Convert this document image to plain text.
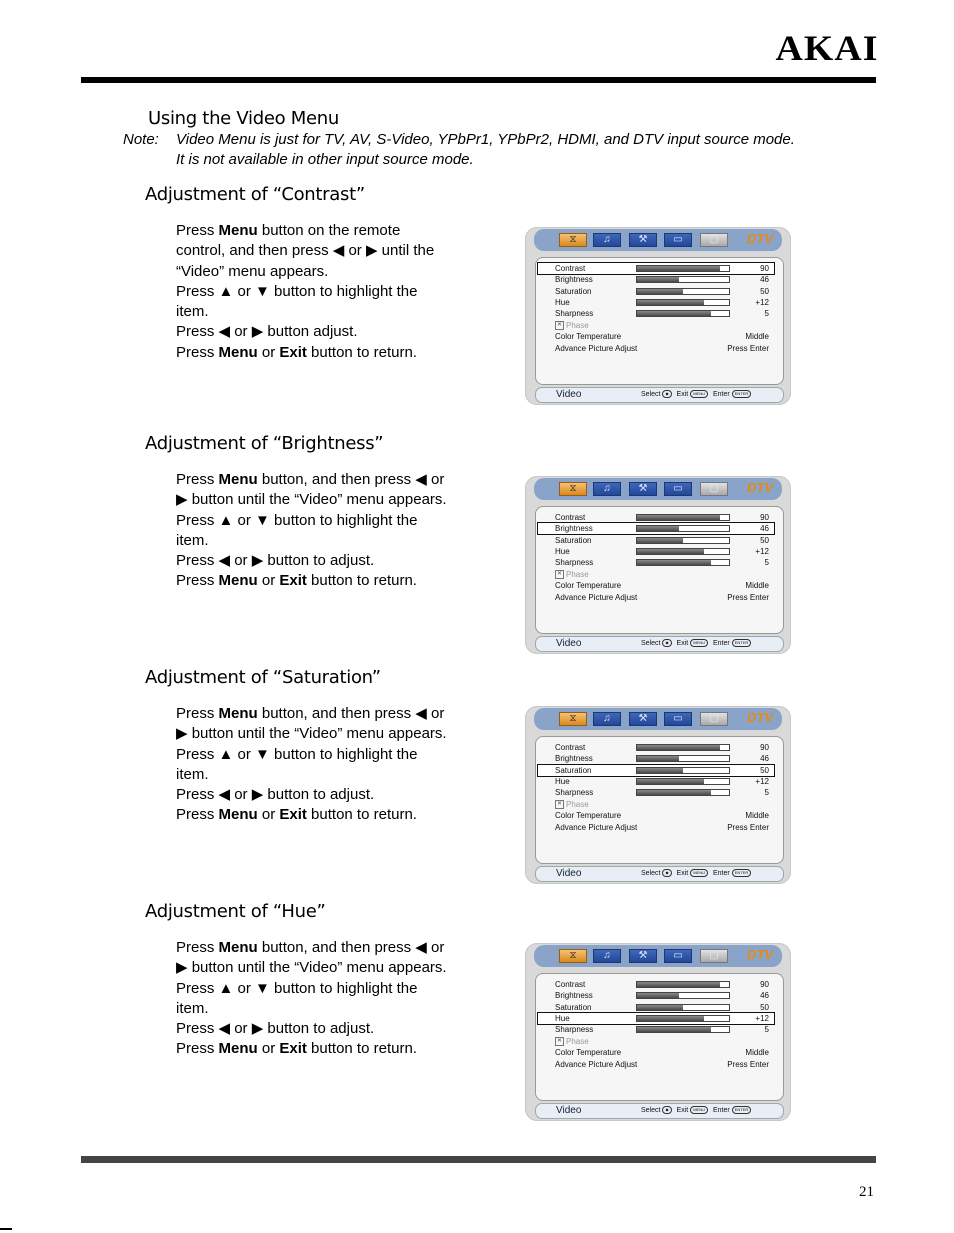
AKAI
Using the Video Menu
Note: Video Menu is just for TV, AV, S-Video, YPbPr1, YPbPr2, HDMI, and DTV input source mode.
It is not available in other input source mode.
Adjustment of “Contrast”
Press Menu button on the remote
control, and then press ◀ or ▶ until the
“Video” menu appears.
Press ▲ or ▼ button to highlight the
item.
Press ◀ or ▶ button adjust.
Press Menu or Exit button to return.
Adjustment of “Brightness”
Press Menu button, and then press ◀ or
▶ button until the “Video” menu appears.
Press ▲ or ▼ button to highlight the
item.
Press ◀ or ▶ button to adjust.
Press Menu or Exit button to return.
Adjustment of “Saturation”
Press Menu button, and then press ◀ or
▶ button until the “Video” menu appears.
Press ▲ or ▼ button to highlight the
item.
Press ◀ or ▶ button to adjust.
Press Menu or Exit button to return.
Adjustment of “Hue”
Press Menu button, and then press ◀ or
▶ button until the “Video” menu appears.
Press ▲ or ▼ button to highlight the
item.
Press ◀ or ▶ button to adjust.
Press Menu or Exit button to return.
⧖	♫	⚒	▭	▢	DTV
Contrast	90
Brightness	46
Saturation	50
Hue	+12
Sharpness	5
✕ Phase
Color Temperature	Middle
Advance Picture Adjust	Press Enter
Video	Select ◆ Exit MENU Enter ENTER
⧖	♫	⚒	▭	▢	DTV
Contrast	90
Brightness	46
Saturation	50
Hue	+12
Sharpness	5
✕ Phase
Color Temperature	Middle
Advance Picture Adjust	Press Enter
Video	Select ◆ Exit MENU Enter ENTER
⧖	♫	⚒	▭	▢	DTV
Contrast	90
Brightness	46
Saturation	50
Hue	+12
Sharpness	5
✕ Phase
Color Temperature	Middle
Advance Picture Adjust	Press Enter
Video	Select ◆ Exit MENU Enter ENTER
⧖	♫	⚒	▭	▢	DTV
Contrast	90
Brightness	46
Saturation	50
Hue	+12
Sharpness	5
✕ Phase
Color Temperature	Middle
Advance Picture Adjust	Press Enter
Video	Select ◆ Exit MENU Enter ENTER
21
